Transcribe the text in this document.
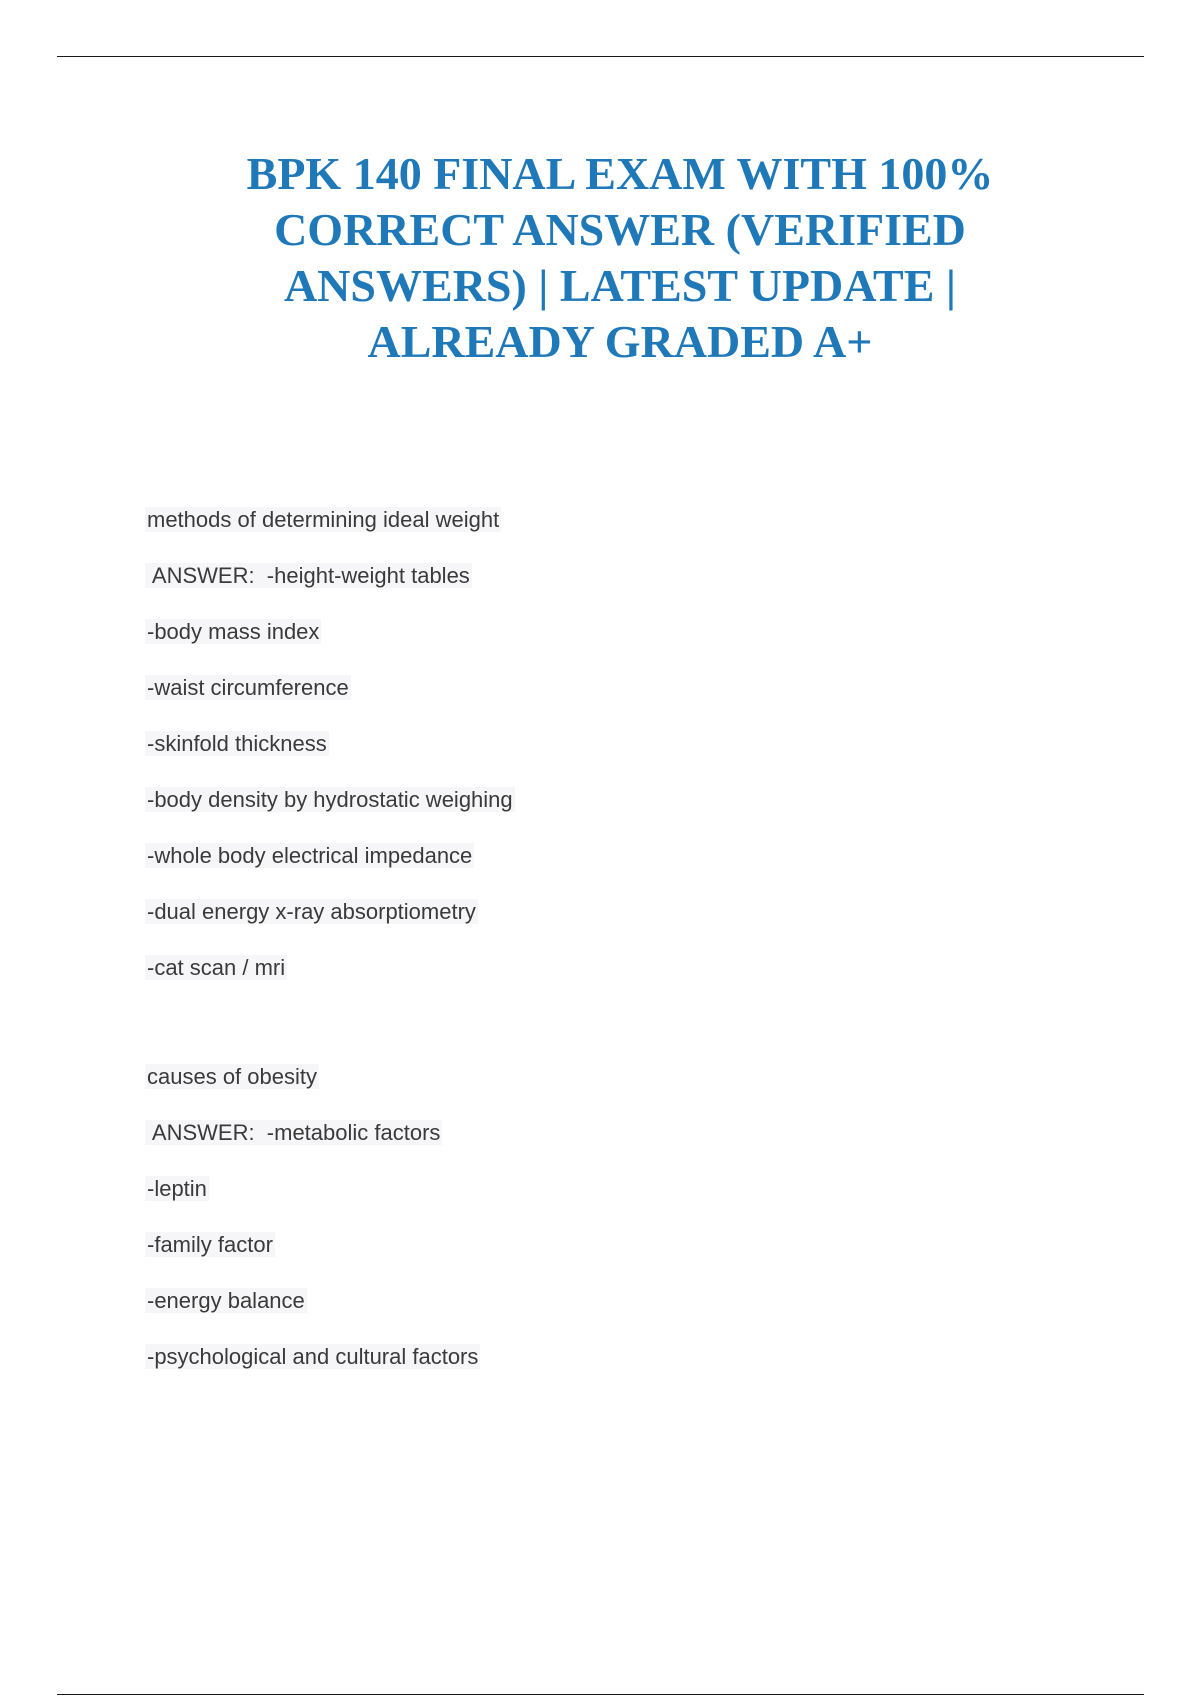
BPK 140 FINAL EXAM WITH 100% CORRECT ANSWER (VERIFIED ANSWERS) | LATEST UPDATE | ALREADY GRADED A+
methods of determining ideal weight
ANSWER:  -height-weight tables
-body mass index
-waist circumference
-skinfold thickness
-body density by hydrostatic weighing
-whole body electrical impedance
-dual energy x-ray absorptiometry
-cat scan / mri
causes of obesity
ANSWER:  -metabolic factors
-leptin
-family factor
-energy balance
-psychological and cultural factors
